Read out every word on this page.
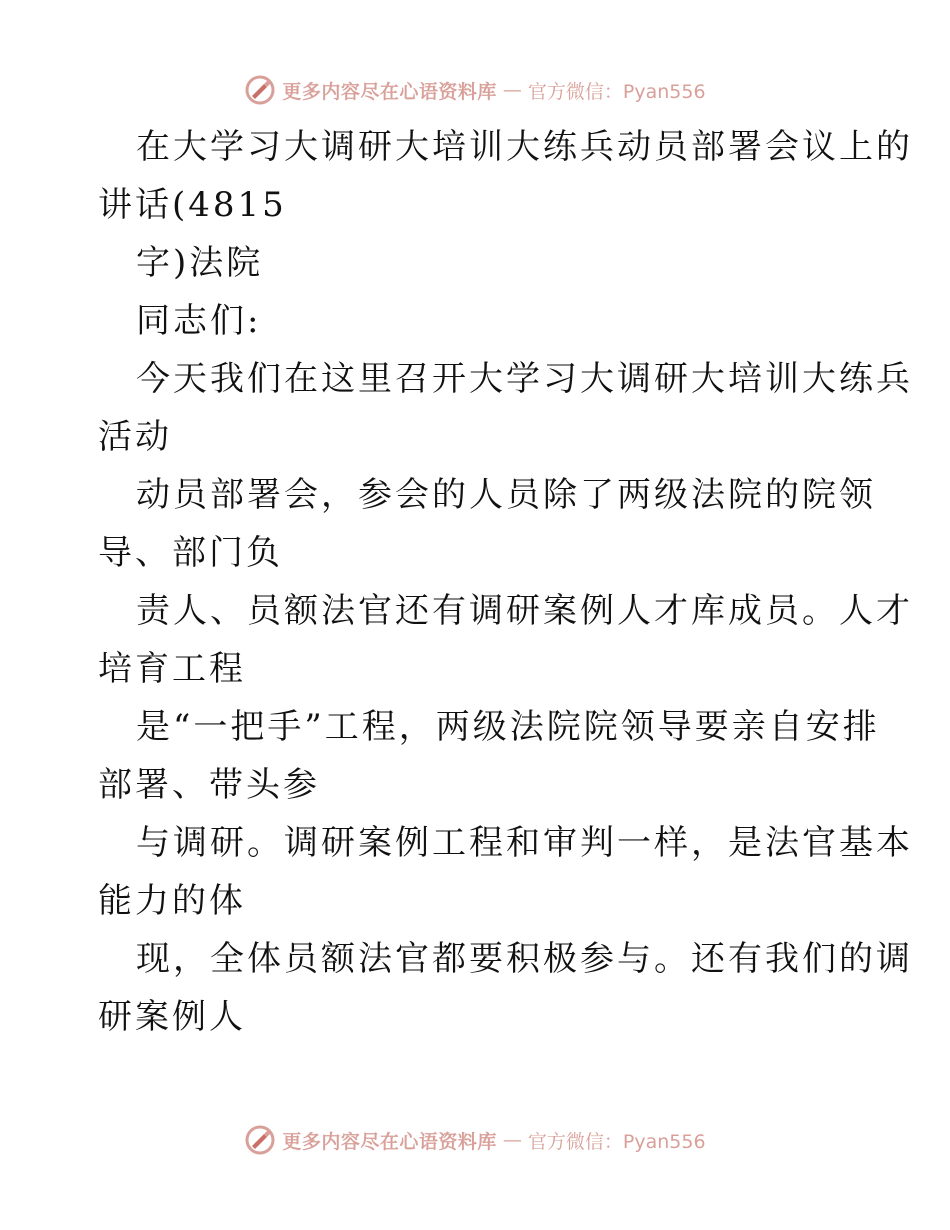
更多内容尽在心语资料库 — 官方微信：Pyan556
在大学习大调研大培训大练兵动员部署会议上的
讲话(4815
字)法院
同志们:
今天我们在这里召开大学习大调研大培训大练兵
活动
动员部署会，参会的人员除了两级法院的院领
导、部门负
责人、员额法官还有调研案例人才库成员。人才
培育工程
是“一把手”工程，两级法院院领导要亲自安排
部署、带头参
与调研。调研案例工程和审判一样，是法官基本
能力的体
现，全体员额法官都要积极参与。还有我们的调
研案例人
更多内容尽在心语资料库 — 官方微信：Pyan556
